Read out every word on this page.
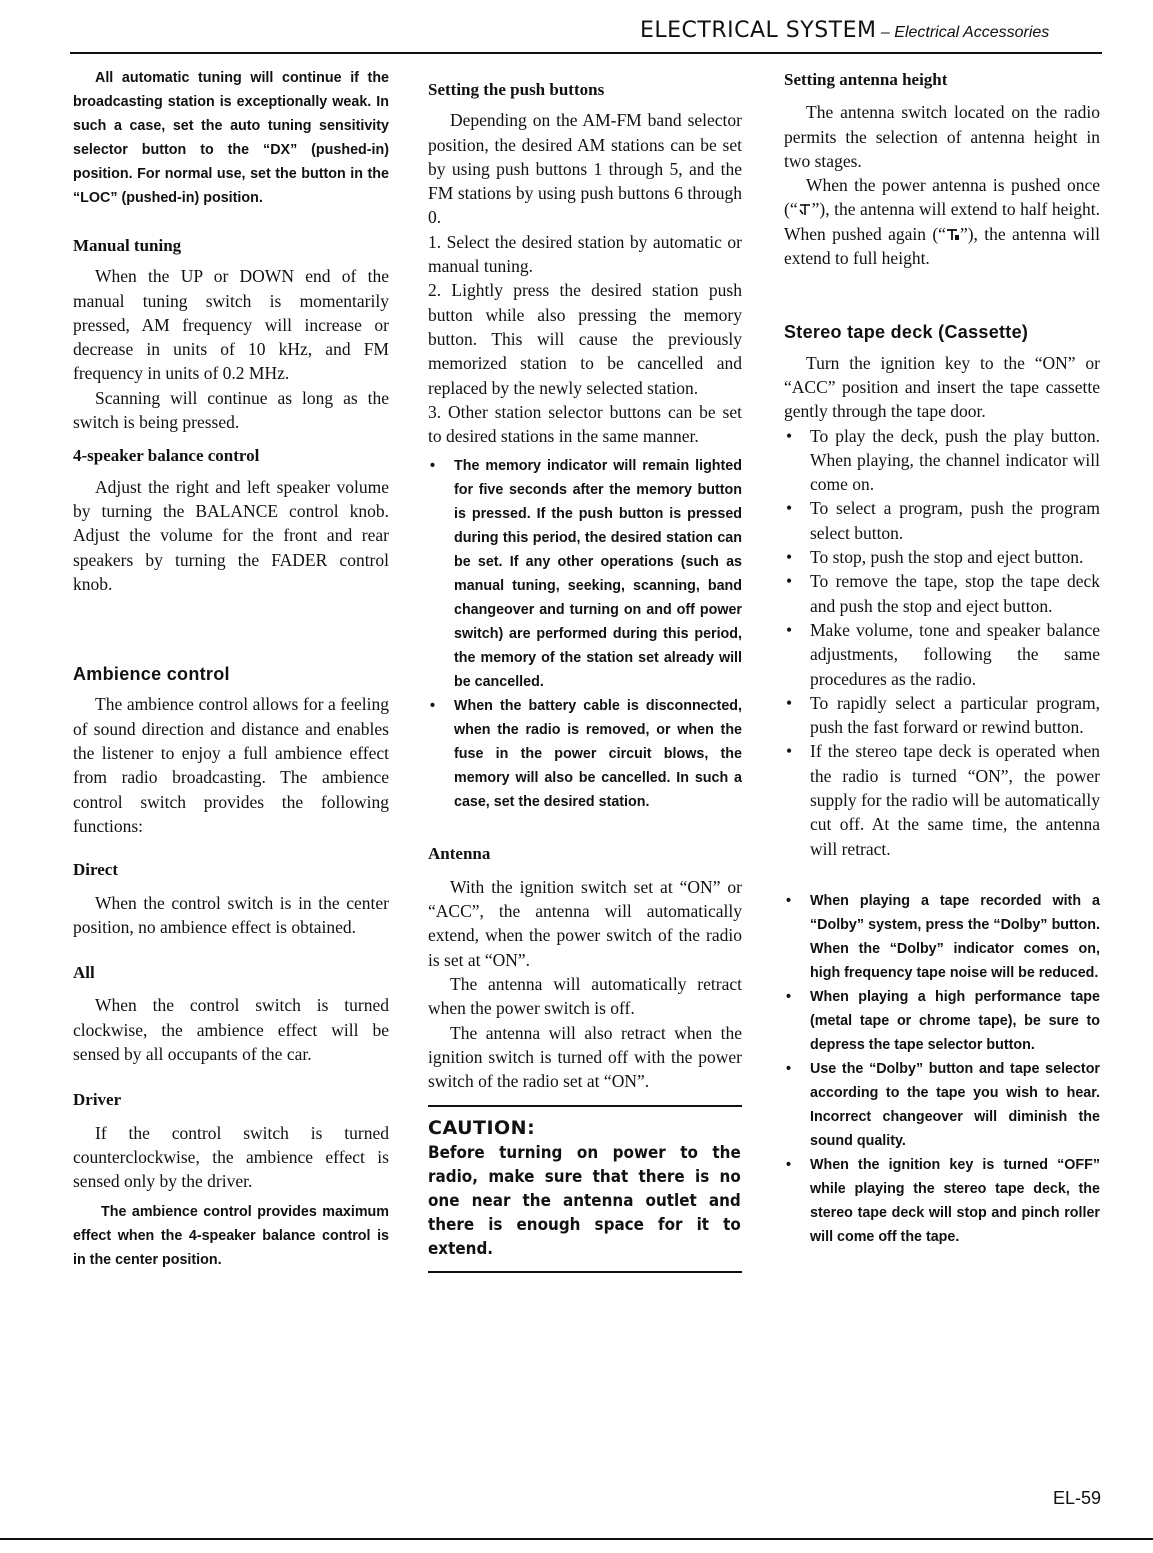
ELECTRICAL SYSTEM – Electrical Accessories

All automatic tuning will continue if the broadcasting station is exceptionally weak. In such a case, set the auto tuning sensitivity selector button to the “DX” (pushed-in) position. For normal use, set the button in the “LOC” (pushed-in) position.

Manual tuning

When the UP or DOWN end of the manual tuning switch is momentarily pressed, AM frequency will increase or decrease in units of 10 kHz, and FM frequency in units of 0.2 MHz.

Scanning will continue as long as the switch is being pressed.

4-speaker balance control

Adjust the right and left speaker volume by turning the BALANCE control knob. Adjust the volume for the front and rear speakers by turning the FADER control knob.

Ambience control

The ambience control allows for a feeling of sound direction and distance and enables the listener to enjoy a full ambience effect from radio broadcasting. The ambience control switch provides the following functions:

Direct

When the control switch is in the center position, no ambience effect is obtained.

All

When the control switch is turned clockwise, the ambience effect will be sensed by all occupants of the car.

Driver

If the control switch is turned counterclockwise, the ambience effect is sensed only by the driver.

The ambience control provides maximum effect when the 4-speaker balance control is in the center position.

Setting the push buttons

Depending on the AM-FM band selector position, the desired AM stations can be set by using push buttons 1 through 5, and the FM stations by using push buttons 6 through 0.

1. Select the desired station by automatic or manual tuning.

2. Lightly press the desired station push button while also pressing the memory button. This will cause the previously memorized station to be cancelled and replaced by the newly selected station.

3. Other station selector buttons can be set to desired stations in the same manner.

• The memory indicator will remain lighted for five seconds after the memory button is pressed. If the push button is pressed during this period, the desired station can be set. If any other operations (such as manual tuning, seeking, scanning, band changeover and turning on and off power switch) are performed during this period, the memory of the station set already will be cancelled.
• When the battery cable is disconnected, when the radio is removed, or when the fuse in the power circuit blows, the memory will also be cancelled. In such a case, set the desired station.

Antenna

With the ignition switch set at “ON” or “ACC”, the antenna will automatically extend, when the power switch of the radio is set at “ON”.

The antenna will automatically retract when the power switch is off.

The antenna will also retract when the ignition switch is turned off with the power switch of the radio set at “ON”.

CAUTION:
Before turning on power to the radio, make sure that there is no one near the antenna outlet and there is enough space for it to extend.

Setting antenna height

The antenna switch located on the radio permits the selection of antenna height in two stages.

When the power antenna is pushed once (“ ”), the antenna will extend to half height. When pushed again (“ ”), the antenna will extend to full height.

Stereo tape deck (Cassette)

Turn the ignition key to the “ON” or “ACC” position and insert the tape cassette gently through the tape door.

• To play the deck, push the play button. When playing, the channel indicator will come on.
• To select a program, push the program select button.
• To stop, push the stop and eject button.
• To remove the tape, stop the tape deck and push the stop and eject button.
• Make volume, tone and speaker balance adjustments, following the same procedures as the radio.
• To rapidly select a particular program, push the fast forward or rewind button.
• If the stereo tape deck is operated when the radio is turned “ON”, the power supply for the radio will be automatically cut off. At the same time, the antenna will retract.
• When playing a tape recorded with a “Dolby” system, press the “Dolby” button. When the “Dolby” indicator comes on, high frequency tape noise will be reduced.
• When playing a high performance tape (metal tape or chrome tape), be sure to depress the tape selector button.
• Use the “Dolby” button and tape selector according to the tape you wish to hear. Incorrect changeover will diminish the sound quality.
• When the ignition key is turned “OFF” while playing the stereo tape deck, the stereo tape deck will stop and pinch roller will come off the tape.
EL-59
